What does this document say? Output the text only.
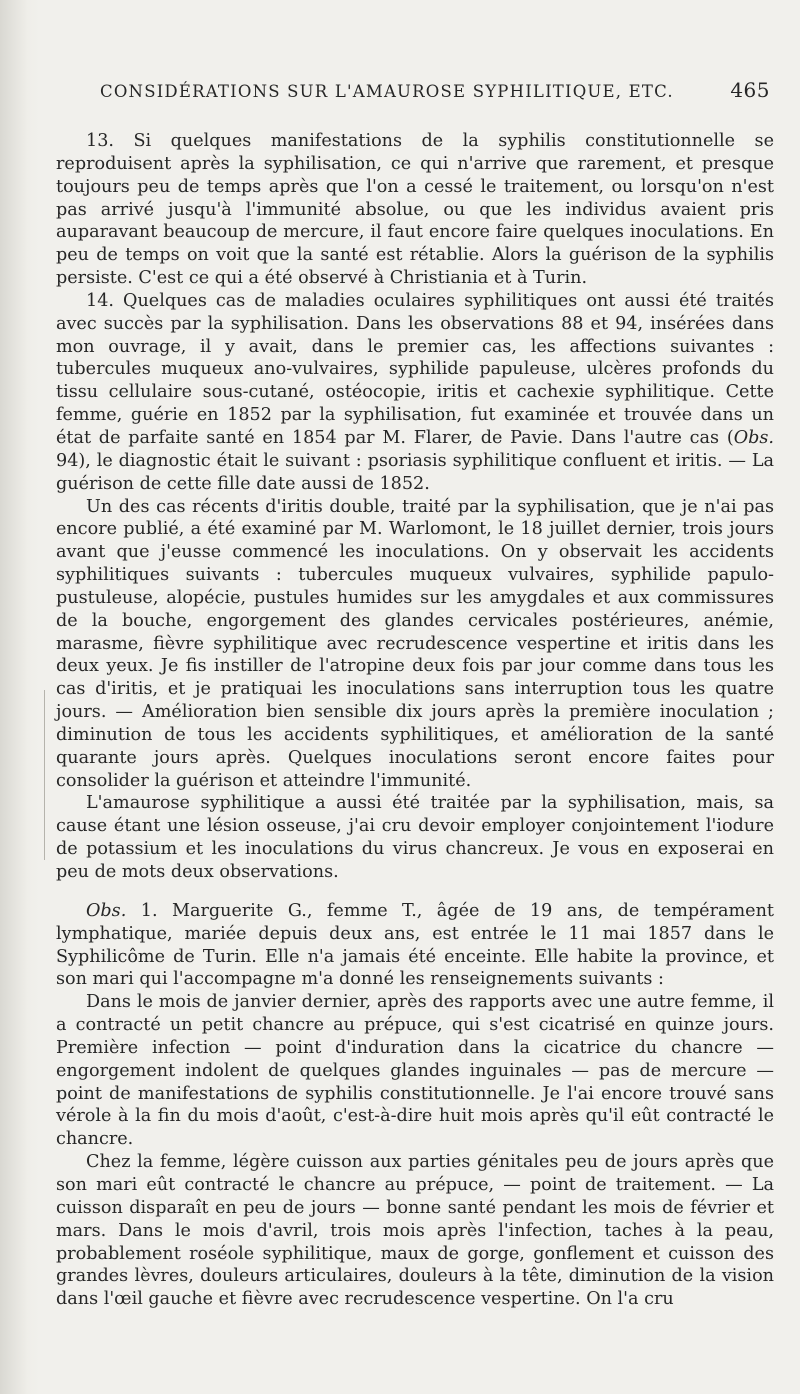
CONSIDÉRATIONS SUR L'AMAUROSE SYPHILITIQUE, ETC.	465

13. Si quelques manifestations de la syphilis constitutionnelle se reproduisent après la syphilisation, ce qui n'arrive que rarement, et presque toujours peu de temps après que l'on a cessé le traitement, ou lorsqu'on n'est pas arrivé jusqu'à l'immunité absolue, ou que les individus avaient pris auparavant beaucoup de mercure, il faut encore faire quelques inoculations. En peu de temps on voit que la santé est rétablie. Alors la guérison de la syphilis persiste. C'est ce qui a été observé à Christiania et à Turin.

14. Quelques cas de maladies oculaires syphilitiques ont aussi été traités avec succès par la syphilisation. Dans les observations 88 et 94, insérées dans mon ouvrage, il y avait, dans le premier cas, les affections suivantes : tubercules muqueux ano-vulvaires, syphilide papuleuse, ulcères profonds du tissu cellulaire sous-cutané, ostéocopie, iritis et cachexie syphilitique. Cette femme, guérie en 1852 par la syphilisation, fut examinée et trouvée dans un état de parfaite santé en 1854 par M. Flarer, de Pavie. Dans l'autre cas (Obs. 94), le diagnostic était le suivant : psoriasis syphilitique confluent et iritis. — La guérison de cette fille date aussi de 1852.

Un des cas récents d'iritis double, traité par la syphilisation, que je n'ai pas encore publié, a été examiné par M. Warlomont, le 18 juillet dernier, trois jours avant que j'eusse commencé les inoculations. On y observait les accidents syphilitiques suivants : tubercules muqueux vulvaires, syphilide papulo-pustuleuse, alopécie, pustules humides sur les amygdales et aux commissures de la bouche, engorgement des glandes cervicales postérieures, anémie, marasme, fièvre syphilitique avec recrudescence vespertine et iritis dans les deux yeux. Je fis instiller de l'atropine deux fois par jour comme dans tous les cas d'iritis, et je pratiquai les inoculations sans interruption tous les quatre jours. — Amélioration bien sensible dix jours après la première inoculation ; diminution de tous les accidents syphilitiques, et amélioration de la santé quarante jours après. Quelques inoculations seront encore faites pour consolider la guérison et atteindre l'immunité.

L'amaurose syphilitique a aussi été traitée par la syphilisation, mais, sa cause étant une lésion osseuse, j'ai cru devoir employer conjointement l'iodure de potassium et les inoculations du virus chancreux. Je vous en exposerai en peu de mots deux observations.

Obs. 1. Marguerite G., femme T., âgée de 19 ans, de tempérament lymphatique, mariée depuis deux ans, est entrée le 11 mai 1857 dans le Syphilicôme de Turin. Elle n'a jamais été enceinte. Elle habite la province, et son mari qui l'accompagne m'a donné les renseignements suivants :

Dans le mois de janvier dernier, après des rapports avec une autre femme, il a contracté un petit chancre au prépuce, qui s'est cicatrisé en quinze jours. Première infection — point d'induration dans la cicatrice du chancre — engorgement indolent de quelques glandes inguinales — pas de mercure — point de manifestations de syphilis constitutionnelle. Je l'ai encore trouvé sans vérole à la fin du mois d'août, c'est-à-dire huit mois après qu'il eût contracté le chancre.

Chez la femme, légère cuisson aux parties génitales peu de jours après que son mari eût contracté le chancre au prépuce, — point de traitement. — La cuisson disparaît en peu de jours — bonne santé pendant les mois de février et mars. Dans le mois d'avril, trois mois après l'infection, taches à la peau, probablement roséole syphilitique, maux de gorge, gonflement et cuisson des grandes lèvres, douleurs articulaires, douleurs à la tête, diminution de la vision dans l'œil gauche et fièvre avec recrudescence vespertine. On l'a cru
